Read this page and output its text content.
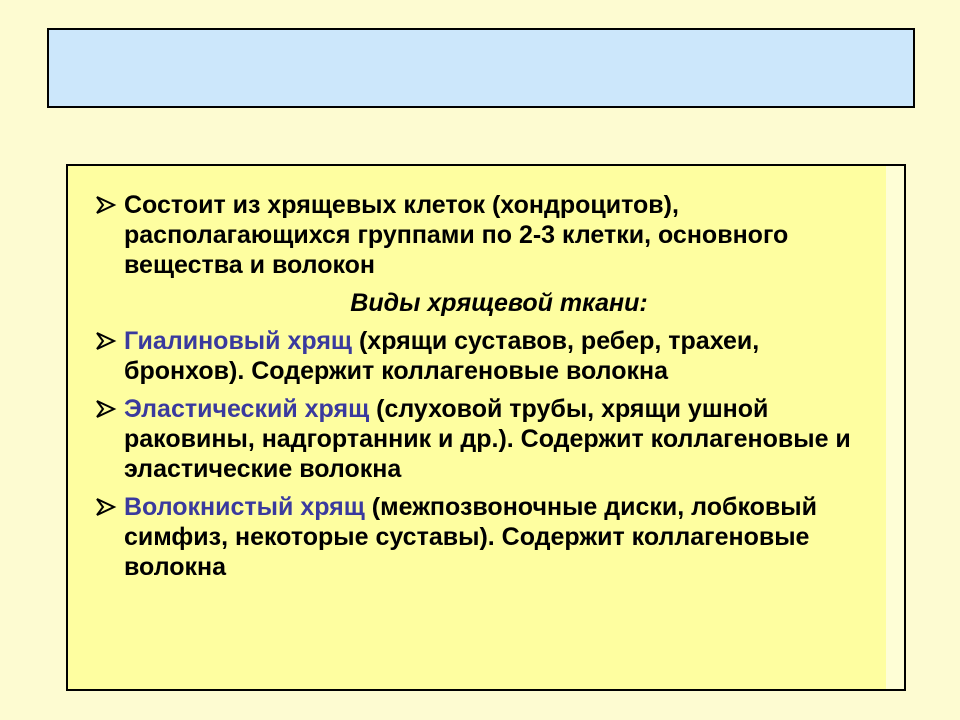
Состоит из хрящевых клеток (хондроцитов), располагающихся группами по 2-3 клетки, основного вещества и волокон
Виды хрящевой ткани:
Гиалиновый хрящ (хрящи суставов, ребер, трахеи, бронхов). Содержит коллагеновые волокна
Эластический хрящ (слуховой трубы, хрящи ушной раковины, надгортанник и др.). Содержит коллагеновые и эластические волокна
Волокнистый хрящ (межпозвоночные диски, лобковый симфиз, некоторые суставы). Содержит коллагеновые волокна
